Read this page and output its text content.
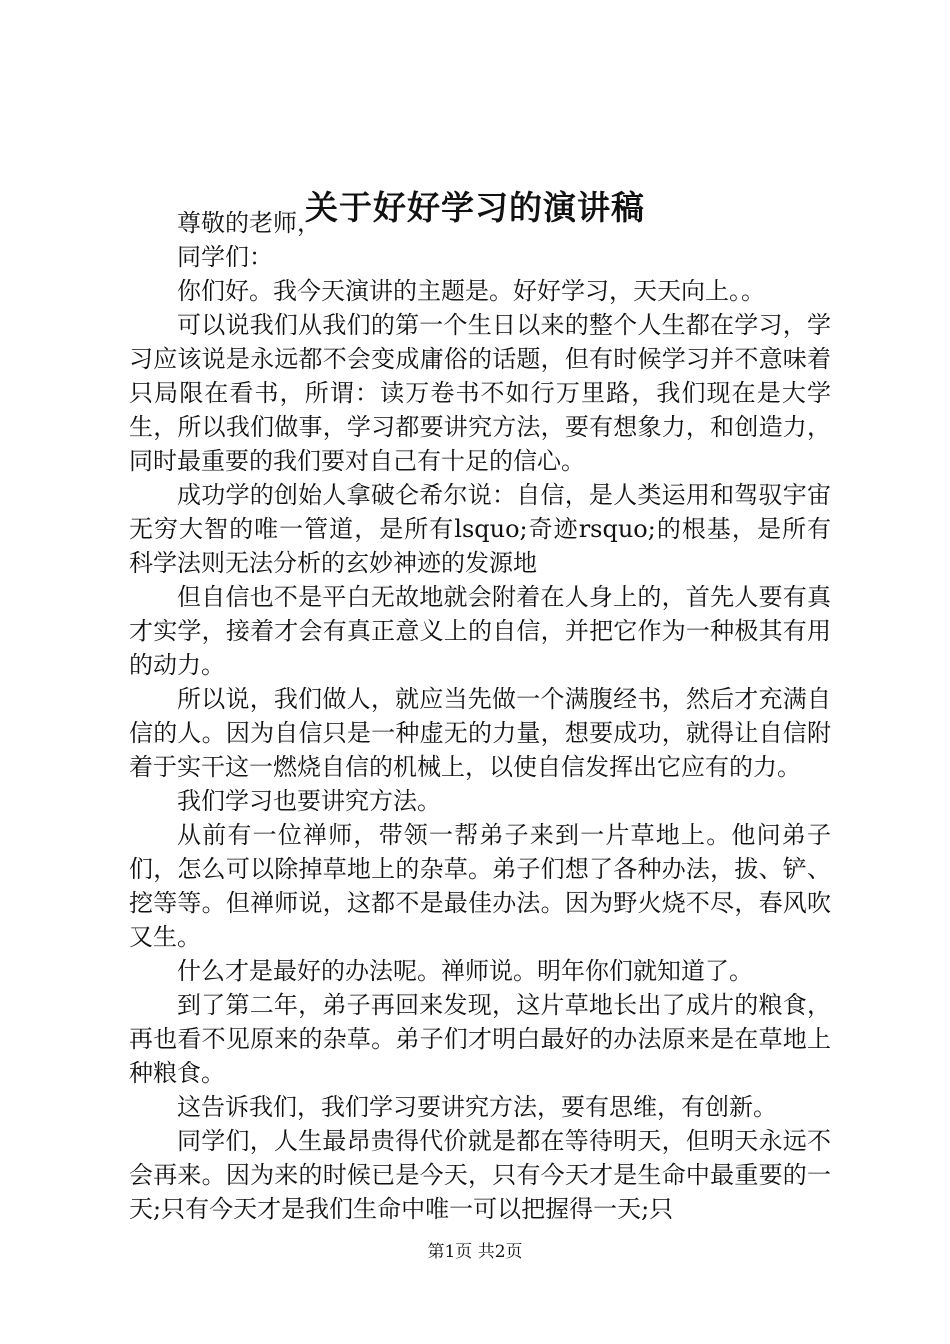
关于好好学习的演讲稿

尊敬的老师，

同学们：

你们好。我今天演讲的主题是。好好学习，天天向上。。

可以说我们从我们的第一个生日以来的整个人生都在学习，学习应该说是永远都不会变成庸俗的话题，但有时候学习并不意味着只局限在看书，所谓：读万卷书不如行万里路，我们现在是大学生，所以我们做事，学习都要讲究方法，要有想象力，和创造力，同时最重要的我们要对自己有十足的信心。

成功学的创始人拿破仑希尔说：自信，是人类运用和驾驭宇宙无穷大智的唯一管道，是所有lsquo;奇迹rsquo;的根基，是所有科学法则无法分析的玄妙神迹的发源地

但自信也不是平白无故地就会附着在人身上的，首先人要有真才实学，接着才会有真正意义上的自信，并把它作为一种极其有用的动力。

所以说，我们做人，就应当先做一个满腹经书，然后才充满自信的人。因为自信只是一种虚无的力量，想要成功，就得让自信附着于实干这一燃烧自信的机械上，以使自信发挥出它应有的力。

我们学习也要讲究方法。

从前有一位禅师，带领一帮弟子来到一片草地上。他问弟子们，怎么可以除掉草地上的杂草。弟子们想了各种办法，拔、铲、挖等等。但禅师说，这都不是最佳办法。因为野火烧不尽，春风吹又生。

什么才是最好的办法呢。禅师说。明年你们就知道了。

到了第二年，弟子再回来发现，这片草地长出了成片的粮食，再也看不见原来的杂草。弟子们才明白最好的办法原来是在草地上种粮食。

这告诉我们，我们学习要讲究方法，要有思维，有创新。

同学们，人生最昂贵得代价就是都在等待明天，但明天永远不会再来。因为来的时候已是今天，只有今天才是生命中最重要的一天;只有今天才是我们生命中唯一可以把握得一天;只

第1页 共2页
